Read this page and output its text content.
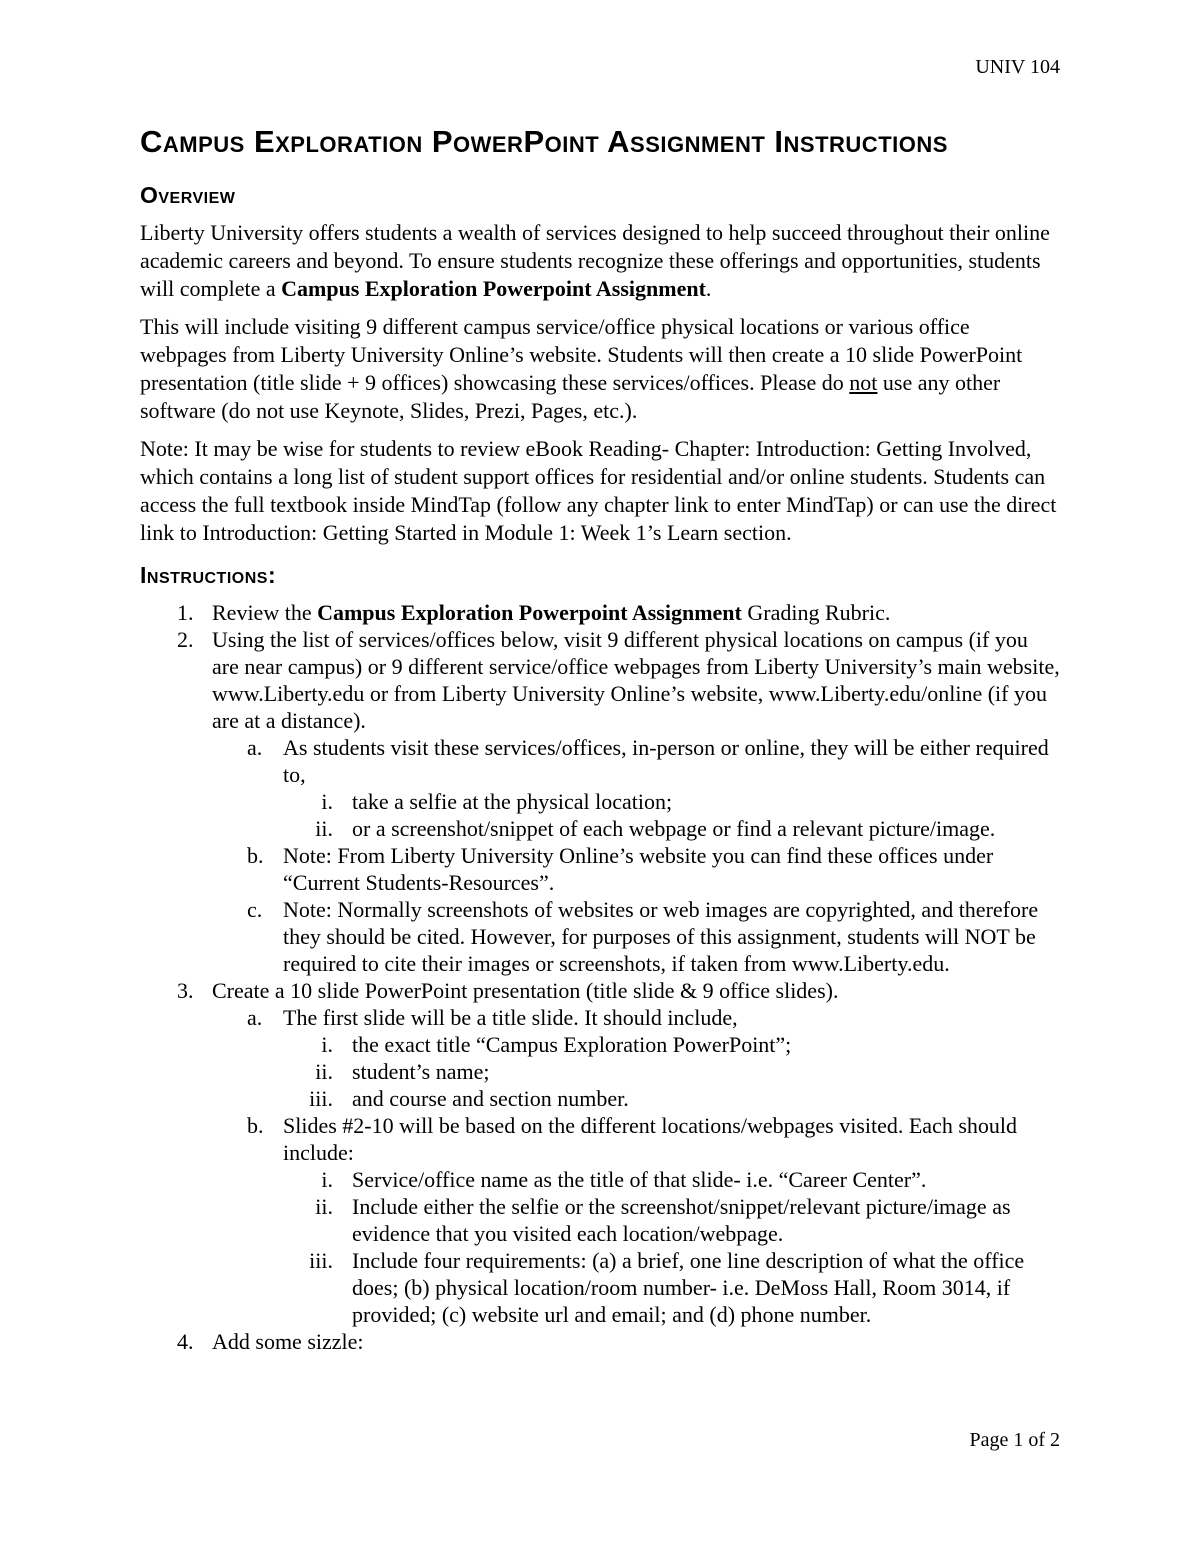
UNIV 104
Campus Exploration PowerPoint Assignment Instructions
Overview

Liberty University offers students a wealth of services designed to help succeed throughout their online academic careers and beyond. To ensure students recognize these offerings and opportunities, students will complete a Campus Exploration Powerpoint Assignment.

This will include visiting 9 different campus service/office physical locations or various office webpages from Liberty University Online’s website. Students will then create a 10 slide PowerPoint presentation (title slide + 9 offices) showcasing these services/offices. Please do not use any other software (do not use Keynote, Slides, Prezi, Pages, etc.).

Note: It may be wise for students to review eBook Reading- Chapter: Introduction: Getting Involved, which contains a long list of student support offices for residential and/or online students. Students can access the full textbook inside MindTap (follow any chapter link to enter MindTap) or can use the direct link to Introduction: Getting Started in Module 1: Week 1’s Learn section.

Instructions:
1. Review the Campus Exploration Powerpoint Assignment Grading Rubric.
2. Using the list of services/offices below, visit 9 different physical locations on campus (if you are near campus) or 9 different service/office webpages from Liberty University’s main website, www.Liberty.edu or from Liberty University Online’s website, www.Liberty.edu/online (if you are at a distance).
a. As students visit these services/offices, in-person or online, they will be either required to,
i. take a selfie at the physical location;
ii. or a screenshot/snippet of each webpage or find a relevant picture/image.
b. Note: From Liberty University Online’s website you can find these offices under “Current Students-Resources”.
c. Note: Normally screenshots of websites or web images are copyrighted, and therefore they should be cited. However, for purposes of this assignment, students will NOT be required to cite their images or screenshots, if taken from www.Liberty.edu.
3. Create a 10 slide PowerPoint presentation (title slide & 9 office slides).
a. The first slide will be a title slide. It should include,
i. the exact title “Campus Exploration PowerPoint”;
ii. student’s name;
iii. and course and section number.
b. Slides #2-10 will be based on the different locations/webpages visited. Each should include:
i. Service/office name as the title of that slide- i.e. “Career Center”.
ii. Include either the selfie or the screenshot/snippet/relevant picture/image as evidence that you visited each location/webpage.
iii. Include four requirements: (a) a brief, one line description of what the office does; (b) physical location/room number- i.e. DeMoss Hall, Room 3014, if provided; (c) website url and email; and (d) phone number.
4. Add some sizzle:
Page 1 of 2
